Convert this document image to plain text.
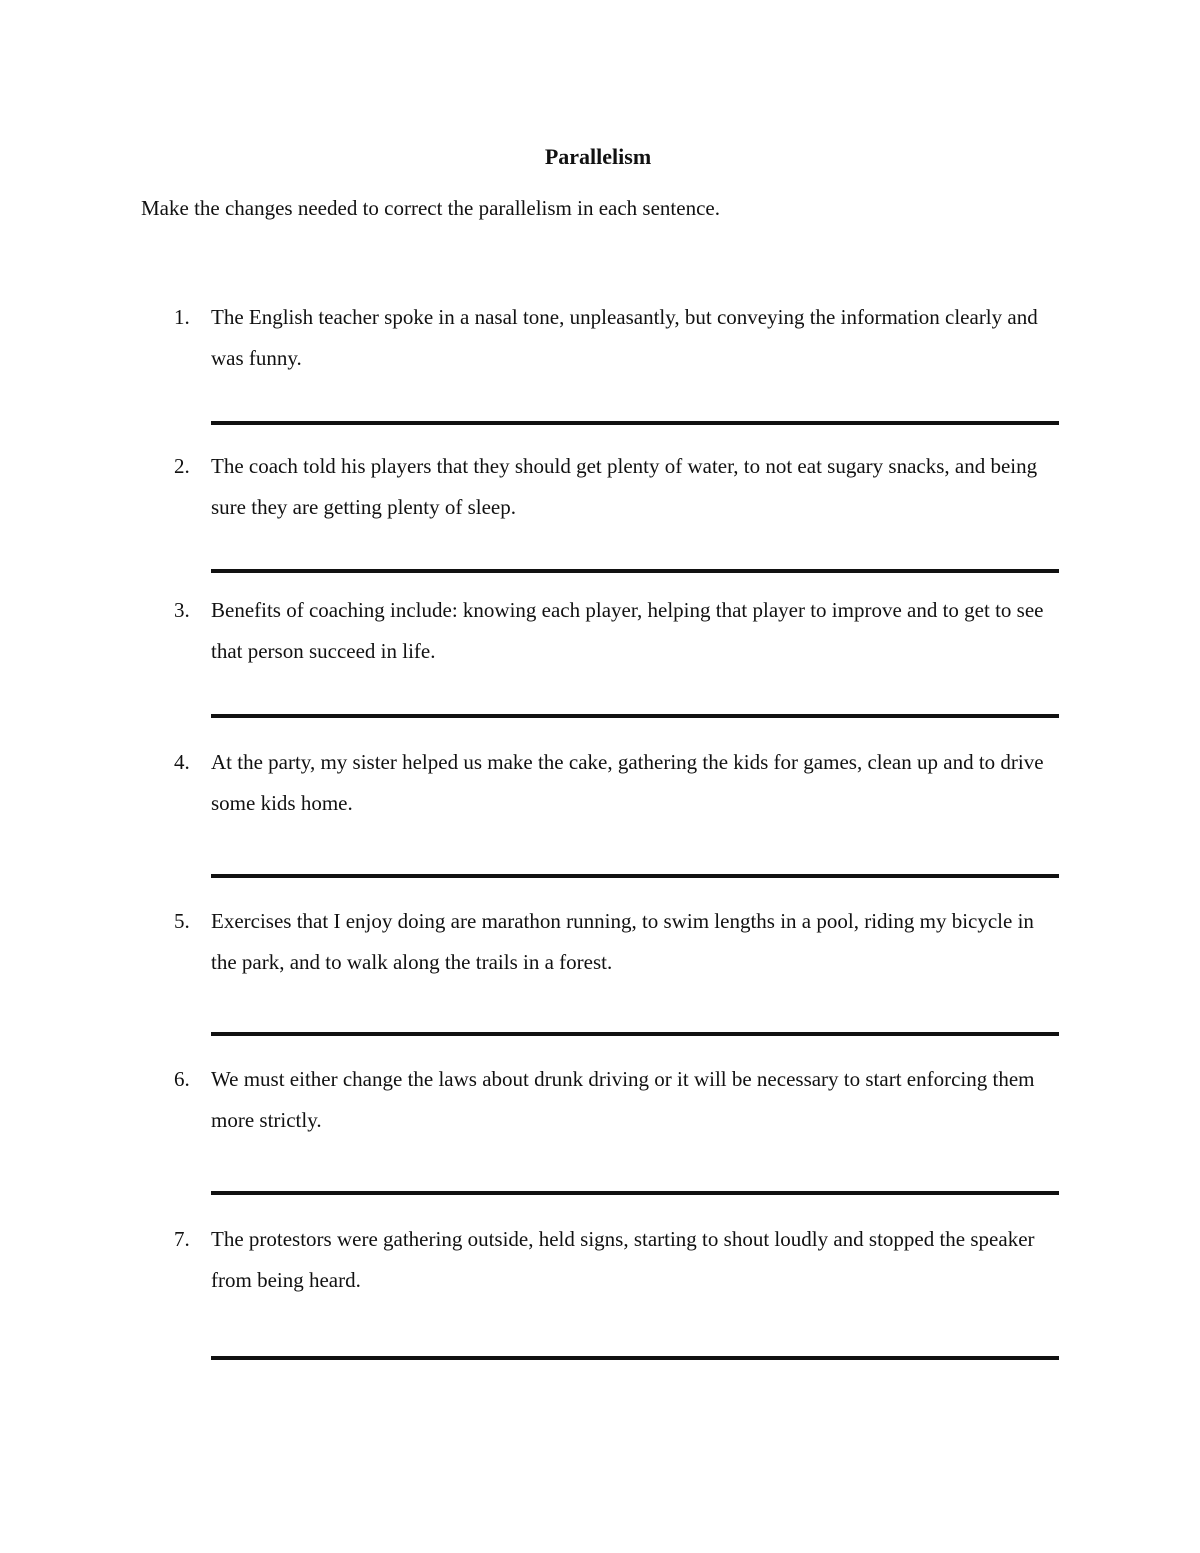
Parallelism
Make the changes needed to correct the parallelism in each sentence.
1. The English teacher spoke in a nasal tone, unpleasantly, but conveying the information clearly and was funny.
2. The coach told his players that they should get plenty of water, to not eat sugary snacks, and being sure they are getting plenty of sleep.
3. Benefits of coaching include: knowing each player, helping that player to improve and to get to see that person succeed in life.
4. At the party, my sister helped us make the cake, gathering the kids for games, clean up and to drive some kids home.
5. Exercises that I enjoy doing are marathon running, to swim lengths in a pool, riding my bicycle in the park, and to walk along the trails in a forest.
6. We must either change the laws about drunk driving or it will be necessary to start enforcing them more strictly.
7. The protestors were gathering outside, held signs, starting to shout loudly and stopped the speaker from being heard.
